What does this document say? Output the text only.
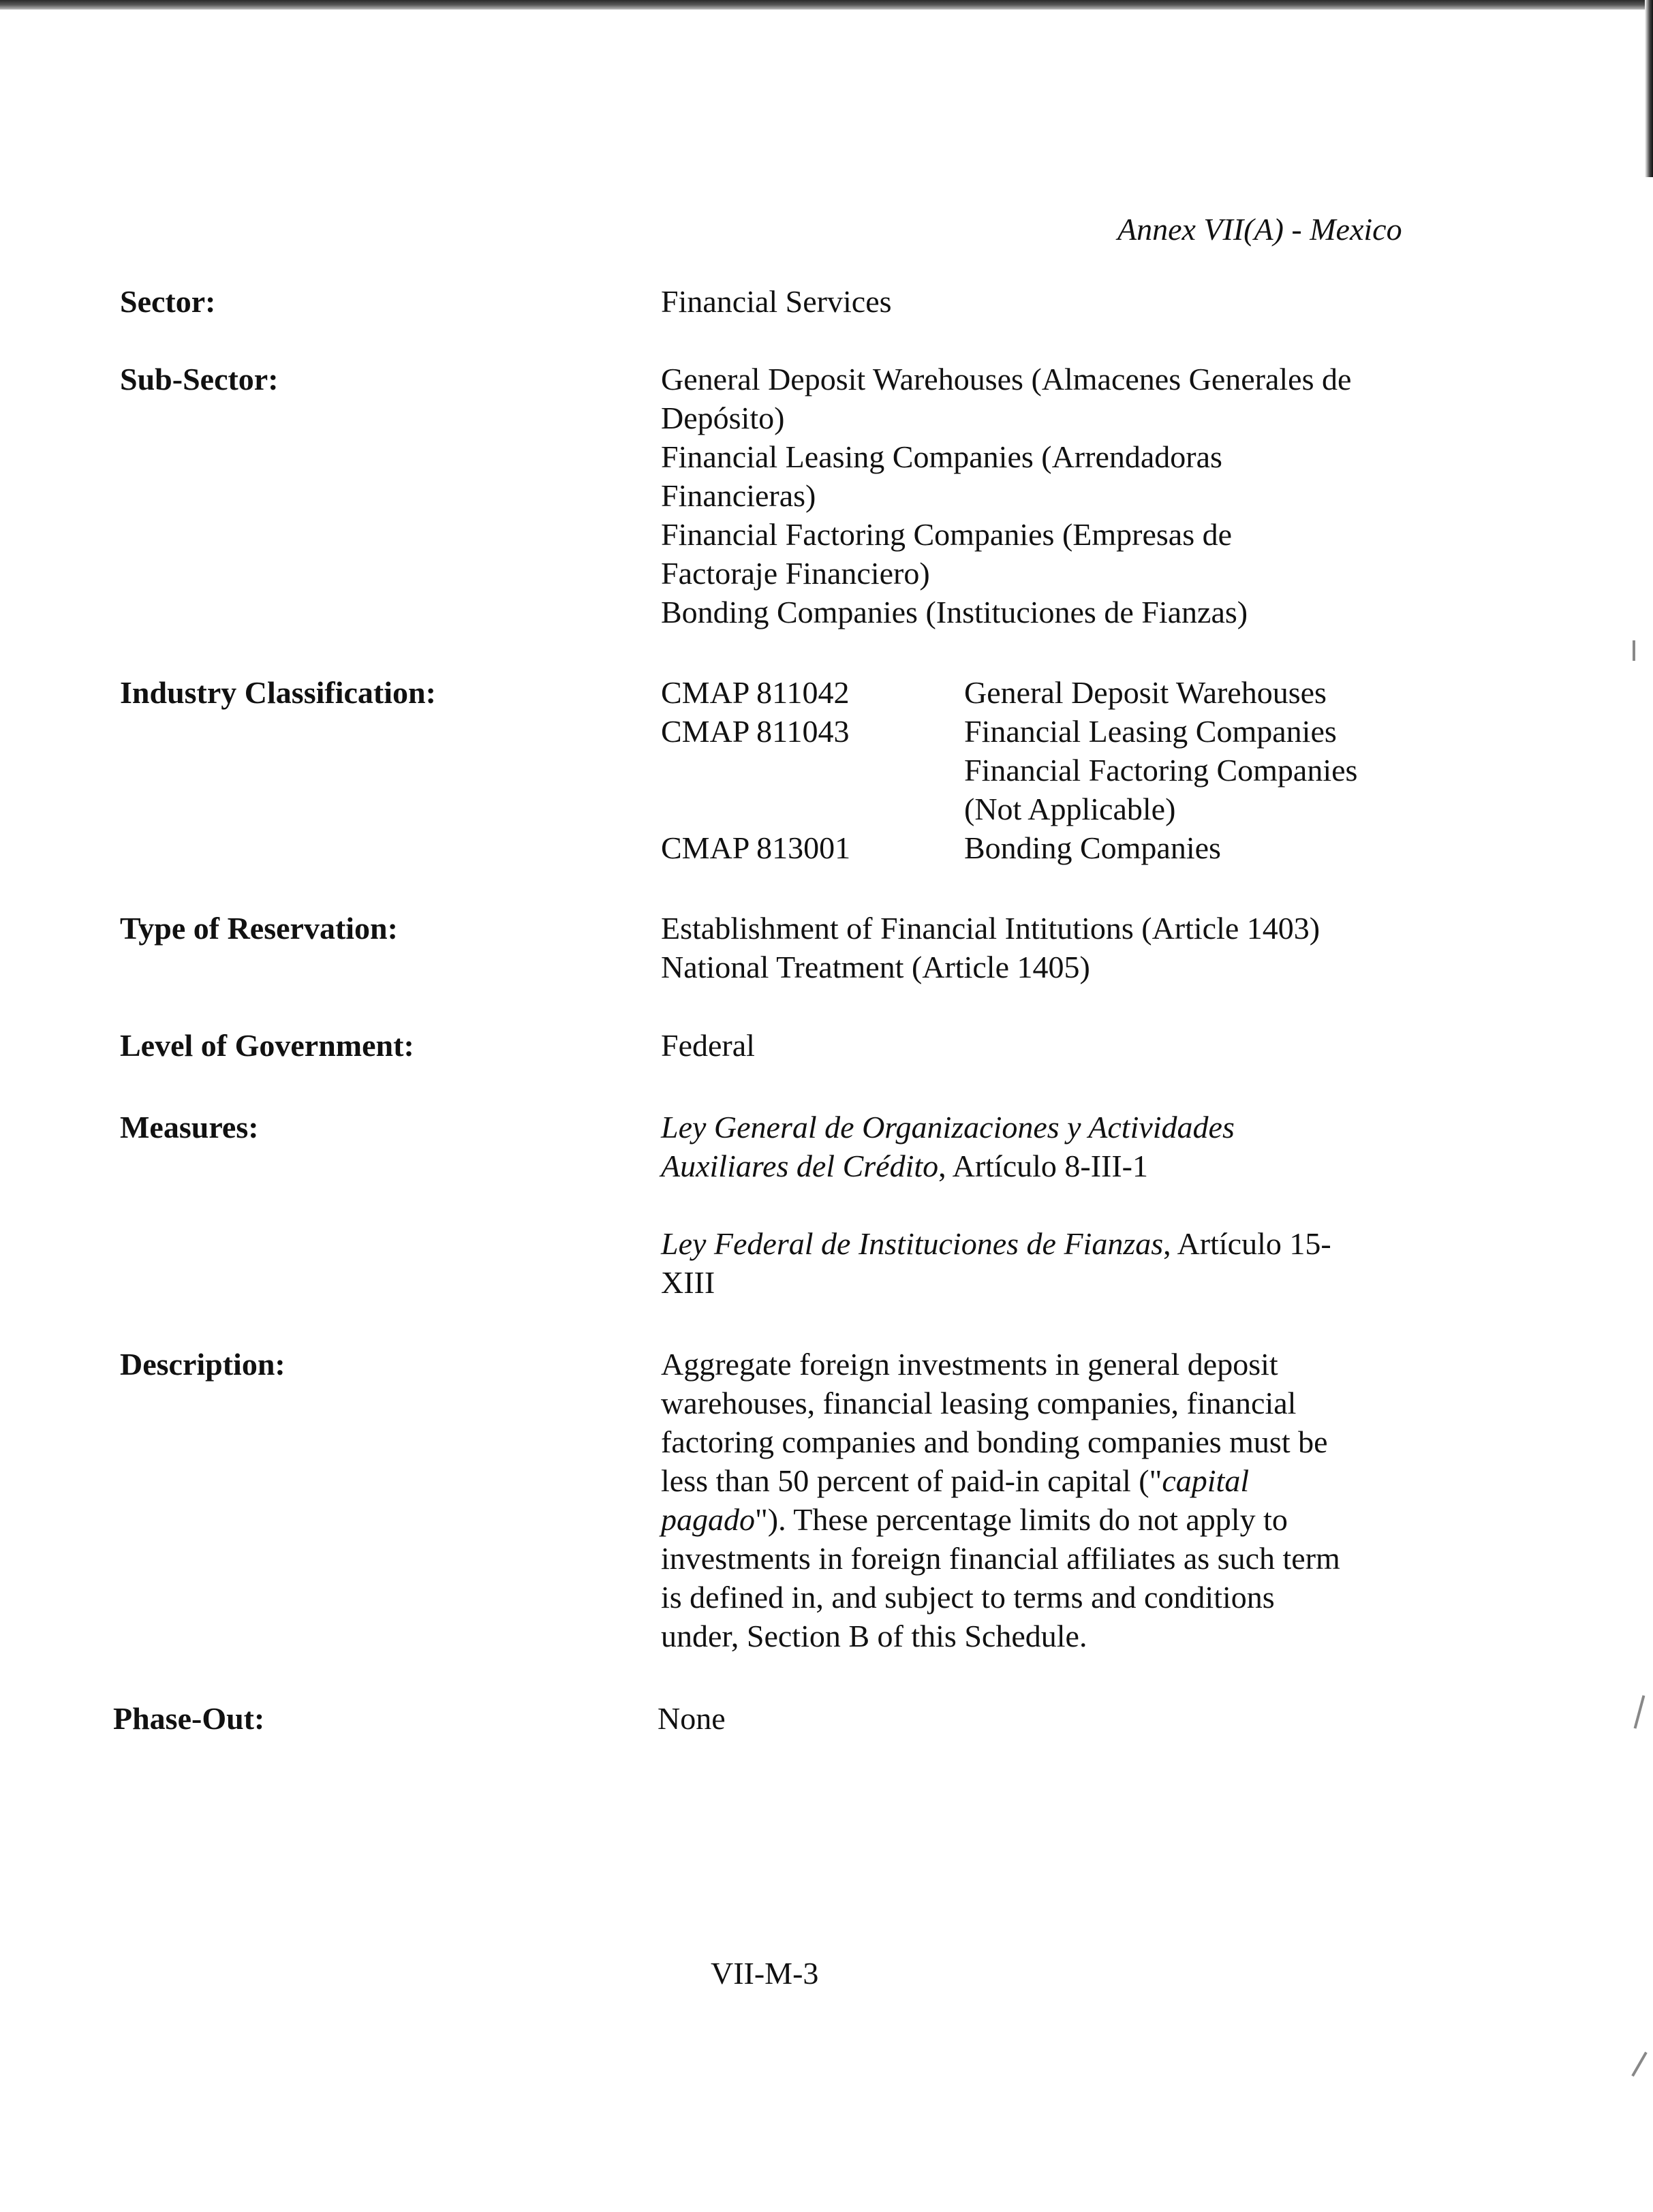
Annex VII(A) - Mexico
Sector:	Financial Services
Sub-Sector:	General Deposit Warehouses (Almacenes Generales de

Depósito)

Financial Leasing Companies (Arrendadoras

Financieras)

Financial Factoring Companies (Empresas de

Factoraje Financiero)

Bonding Companies (Instituciones de Fianzas)

Industry Classification:	CMAP 811042	General Deposit Warehouses
CMAP 811043	Financial Leasing Companies
	Financial Factoring Companies
	(Not Applicable)
CMAP 813001	Bonding Companies
Type of Reservation:	Establishment of Financial Intitutions (Article 1403)

National Treatment (Article 1405)

Level of Government:	Federal
Measures:	Ley General de Organizaciones y Actividades
Auxiliares del Crédito, Artículo 8-III-1

Ley Federal de Instituciones de Fianzas, Artículo 15-
XIII

Description:	Aggregate foreign investments in general deposit

warehouses, financial leasing companies, financial

factoring companies and bonding companies must be

less than 50 percent of paid-in capital ("capital

pagado"). These percentage limits do not apply to

investments in foreign financial affiliates as such term

is defined in, and subject to terms and conditions

under, Section B of this Schedule.

Phase-Out:	None
VII-M-3
